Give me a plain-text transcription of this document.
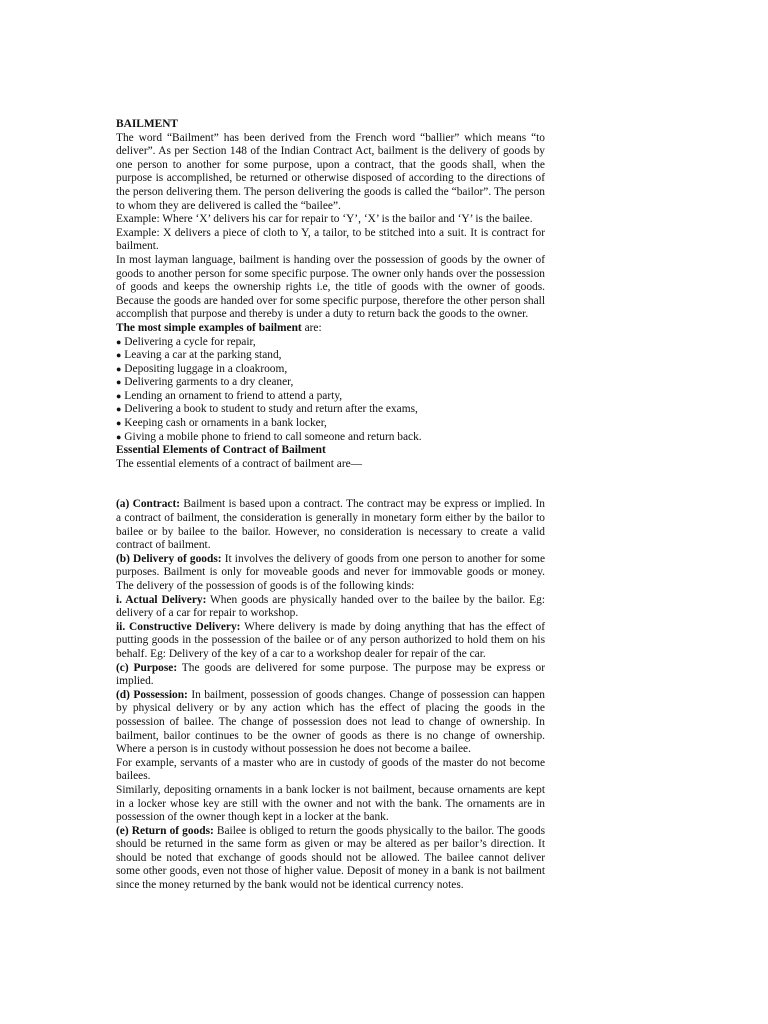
BAILMENT

The word “Bailment” has been derived from the French word “ballier” which means “to deliver”. As per Section 148 of the Indian Contract Act, bailment is the delivery of goods by one person to another for some purpose, upon a contract, that the goods shall, when the purpose is accomplished, be returned or otherwise disposed of according to the directions of the person delivering them. The person delivering the goods is called the “bailor”. The person to whom they are delivered is called the “bailee”.

Example: Where ‘X’ delivers his car for repair to ‘Y’, ‘X’ is the bailor and ‘Y’ is the bailee.

Example: X delivers a piece of cloth to Y, a tailor, to be stitched into a suit. It is contract for bailment.

In most layman language, bailment is handing over the possession of goods by the owner of goods to another person for some specific purpose. The owner only hands over the possession of goods and keeps the ownership rights i.e, the title of goods with the owner of goods. Because the goods are handed over for some specific purpose, therefore the other person shall accomplish that purpose and thereby is under a duty to return back the goods to the owner.

The most simple examples of bailment are:

● Delivering a cycle for repair,
● Leaving a car at the parking stand,
● Depositing luggage in a cloakroom,
● Delivering garments to a dry cleaner,
● Lending an ornament to friend to attend a party,
● Delivering a book to student to study and return after the exams,
● Keeping cash or ornaments in a bank locker,
● Giving a mobile phone to friend to call someone and return back.

Essential Elements of Contract of Bailment

The essential elements of a contract of bailment are—

(a) Contract: Bailment is based upon a contract. The contract may be express or implied. In a contract of bailment, the consideration is generally in monetary form either by the bailor to bailee or by bailee to the bailor. However, no consideration is necessary to create a valid contract of bailment.

(b) Delivery of goods: It involves the delivery of goods from one person to another for some purposes. Bailment is only for moveable goods and never for immovable goods or money. The delivery of the possession of goods is of the following kinds:

i. Actual Delivery: When goods are physically handed over to the bailee by the bailor. Eg: delivery of a car for repair to workshop.

ii. Constructive Delivery: Where delivery is made by doing anything that has the effect of putting goods in the possession of the bailee or of any person authorized to hold them on his behalf. Eg: Delivery of the key of a car to a workshop dealer for repair of the car.

(c) Purpose: The goods are delivered for some purpose. The purpose may be express or implied.

(d) Possession: In bailment, possession of goods changes. Change of possession can happen by physical delivery or by any action which has the effect of placing the goods in the possession of bailee. The change of possession does not lead to change of ownership. In bailment, bailor continues to be the owner of goods as there is no change of ownership. Where a person is in custody without possession he does not become a bailee.

For example, servants of a master who are in custody of goods of the master do not become bailees.

Similarly, depositing ornaments in a bank locker is not bailment, because ornaments are kept in a locker whose key are still with the owner and not with the bank. The ornaments are in possession of the owner though kept in a locker at the bank.

(e) Return of goods: Bailee is obliged to return the goods physically to the bailor. The goods should be returned in the same form as given or may be altered as per bailor’s direction. It should be noted that exchange of goods should not be allowed. The bailee cannot deliver some other goods, even not those of higher value. Deposit of money in a bank is not bailment since the money returned by the bank would not be identical currency notes.
